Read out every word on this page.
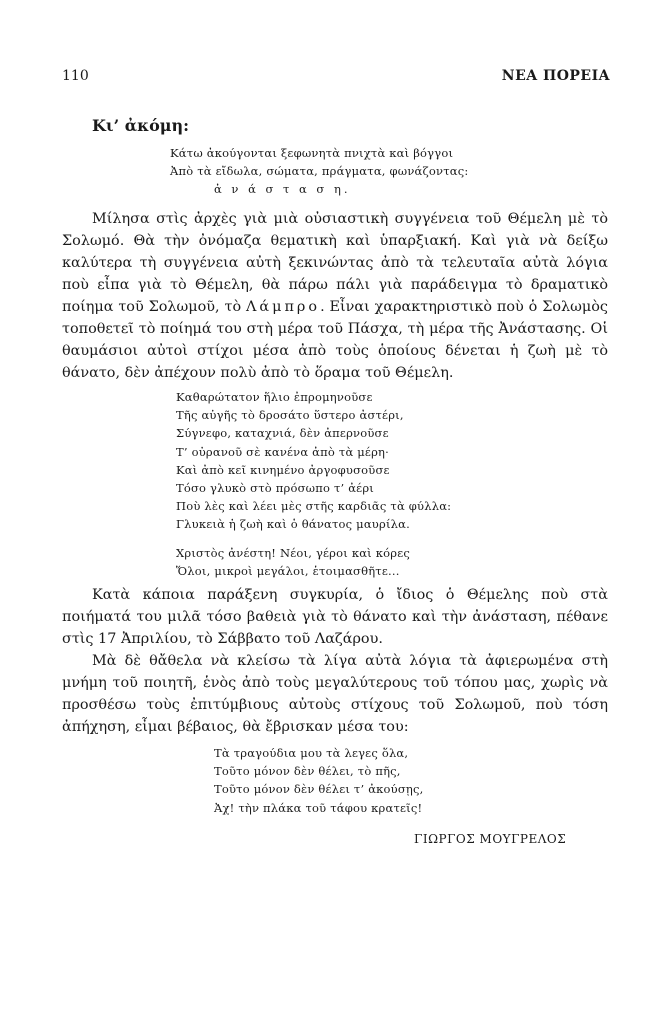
110	ΝΕΑ ΠΟΡΕΙΑ
Κι’ ἀκόμη:
Κάτω ἀκούγονται ξεφωνητὰ πνιχτὰ καὶ βόγγοι
Ἀπὸ τὰ εἴδωλα, σώματα, πράγματα, φωνάζοντας:
ἀ ν ά σ τ α σ η.

Μίλησα στὶς ἀρχὲς γιὰ μιὰ οὐσιαστικὴ συγγένεια τοῦ Θέμελη μὲ τὸ Σολωμό. Θὰ τὴν ὀνόμαζα θεματικὴ καὶ ὑπαρξιακή. Καὶ γιὰ νὰ δείξω καλύτερα τὴ συγγένεια αὐτὴ ξεκινώντας ἀπὸ τὰ τελευταῖα αὐτὰ λόγια ποὺ εἶπα γιὰ τὸ Θέμελη, θὰ πάρω πάλι γιὰ παράδειγμα τὸ δραματικὸ ποίημα τοῦ Σολωμοῦ, τὸ Λάμπρο. Εἶναι χαρακτηριστικὸ ποὺ ὁ Σολωμὸς τοποθετεῖ τὸ ποίημά του στὴ μέρα τοῦ Πάσχα, τὴ μέρα τῆς Ἀνάστασης. Οἱ θαυμάσιοι αὐτοὶ στίχοι μέσα ἀπὸ τοὺς ὁποίους δένεται ἡ ζωὴ μὲ τὸ θάνατο, δὲν ἀπέχουν πολὺ ἀπὸ τὸ ὅραμα τοῦ Θέμελη.

Καθαρώτατον ἥλιο ἐπρομηνοῦσε
Τῆς αὐγῆς τὸ δροσάτο ὕστερο ἀστέρι,
Σύγνεφο, καταχνιά, δὲν ἀπερνοῦσε
Τ’ οὐρανοῦ σὲ κανένα ἀπὸ τὰ μέρη·
Καὶ ἀπὸ κεῖ κινημένο ἀργοφυσοῦσε
Τόσο γλυκὸ στὸ πρόσωπο τ’ ἀέρι
Ποὺ λὲς καὶ λέει μὲς στῆς καρδιᾶς τὰ φύλλα:
Γλυκειὰ ἡ ζωὴ καὶ ὁ θάνατος μαυρίλα.
Χριστὸς ἀνέστη! Νέοι, γέροι καὶ κόρες
Ὅλοι, μικροὶ μεγάλοι, ἑτοιμασθῆτε...

Κατὰ κάποια παράξενη συγκυρία, ὁ ἴδιος ὁ Θέμελης ποὺ στὰ ποιήματά του μιλᾶ τόσο βαθειὰ γιὰ τὸ θάνατο καὶ τὴν ἀνάσταση, πέθανε στὶς 17 Ἀπριλίου, τὸ Σάββατο τοῦ Λαζάρου.

Μὰ δὲ θἄθελα νὰ κλείσω τὰ λίγα αὐτὰ λόγια τὰ ἀφιερωμένα στὴ μνήμη τοῦ ποιητῆ, ἑνὸς ἀπὸ τοὺς μεγαλύτερους τοῦ τόπου μας, χωρὶς νὰ προσθέσω τοὺς ἐπιτύμβιους αὐτοὺς στίχους τοῦ Σολωμοῦ, ποὺ τόση ἀπήχηση, εἶμαι βέβαιος, θὰ ἔβρισκαν μέσα του:

Τὰ τραγούδια μου τὰ λεγες ὅλα,
Τοῦτο μόνον δὲν θέλει, τὸ πῆς,
Τοῦτο μόνον δὲν θέλει τ’ ἀκούσῃς,
Ἀχ! τὴν πλάκα τοῦ τάφου κρατεῖς!
ΓΙΩΡΓΟΣ ΜΟΥΓΡΕΛΟΣ
